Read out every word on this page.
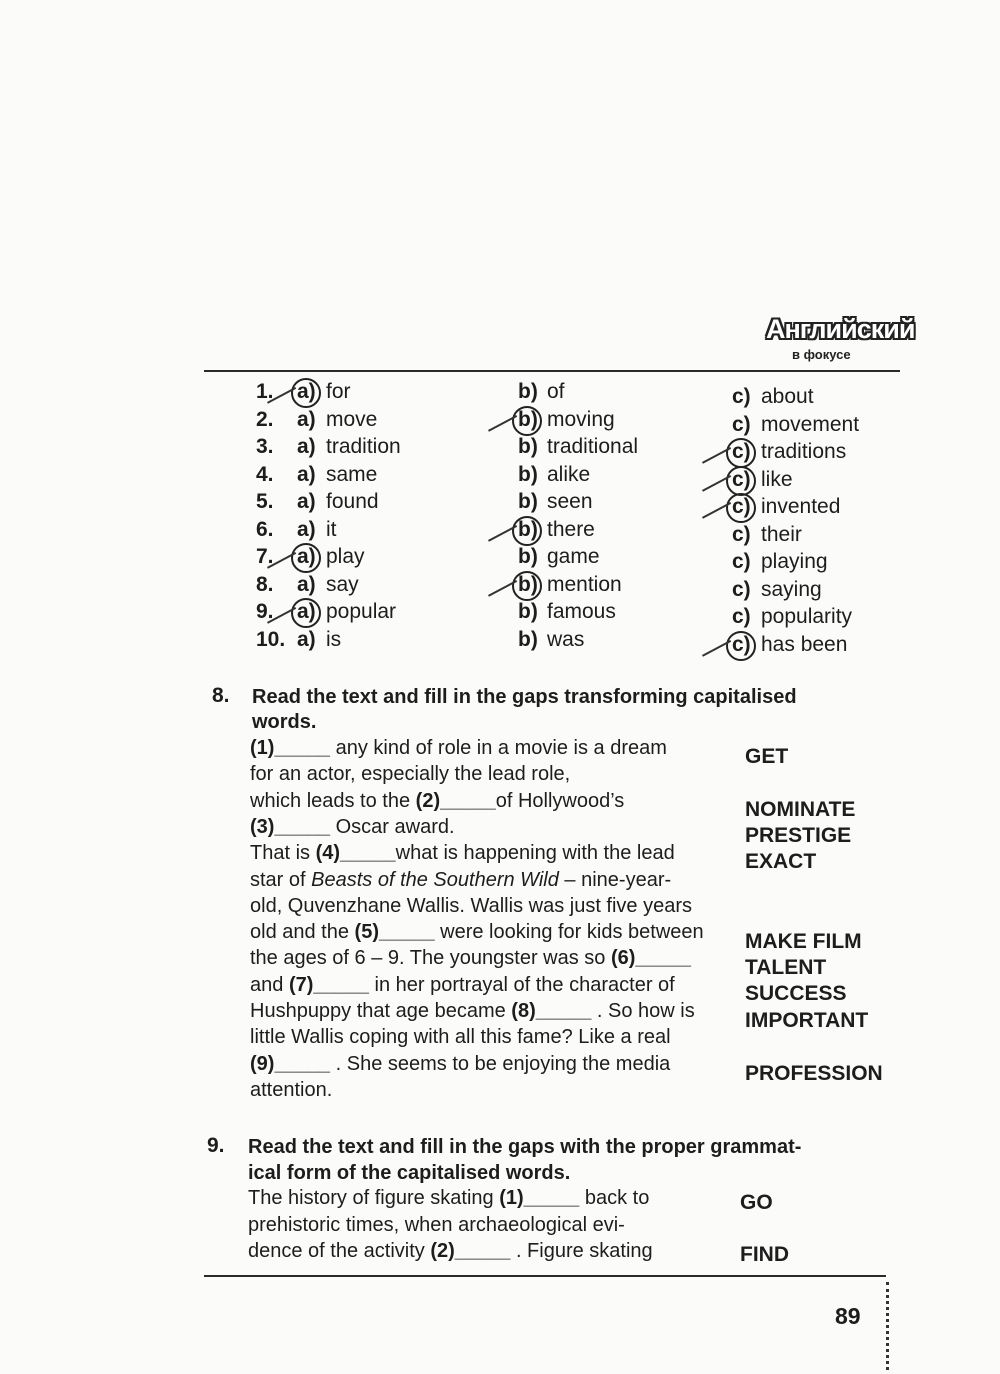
Английский
в фокусе
1. a) for	b) of	c) about
2. a) move	b) moving	c) movement
3. a) tradition	b) traditional	c) traditions
4. a) same	b) alike	c) like
5. a) found	b) seen	c) invented
6. a) it	b) there	c) their
7. a) play	b) game	c) playing
8. a) say	b) mention	c) saying
9. a) popular	b) famous	c) popularity
10. a) is	b) was	c) has been
8. Read the text and fill in the gaps transforming capitalised
words.
(1)_____ any kind of role in a movie is a dream
for an actor, especially the lead role,
which leads to the (2)_____of Hollywood’s
(3)_____ Oscar award.
That is (4)_____what is happening with the lead
star of Beasts of the Southern Wild – nine-year-
old, Quvenzhane Wallis. Wallis was just five years
old and the (5)_____ were looking for kids between
the ages of 6 – 9. The youngster was so (6)_____
and (7)_____ in her portrayal of the character of
Hushpuppy that age became (8)_____ . So how is
little Wallis coping with all this fame? Like a real
(9)_____ . She seems to be enjoying the media
attention.
GET
NOMINATE
PRESTIGE
EXACT
MAKE FILM
TALENT
SUCCESS
IMPORTANT
PROFESSION
9. Read the text and fill in the gaps with the proper grammat-
ical form of the capitalised words.
The history of figure skating (1)_____ back to
prehistoric times, when archaeological evi-
dence of the activity (2)_____ . Figure skating
GO
FIND
89
